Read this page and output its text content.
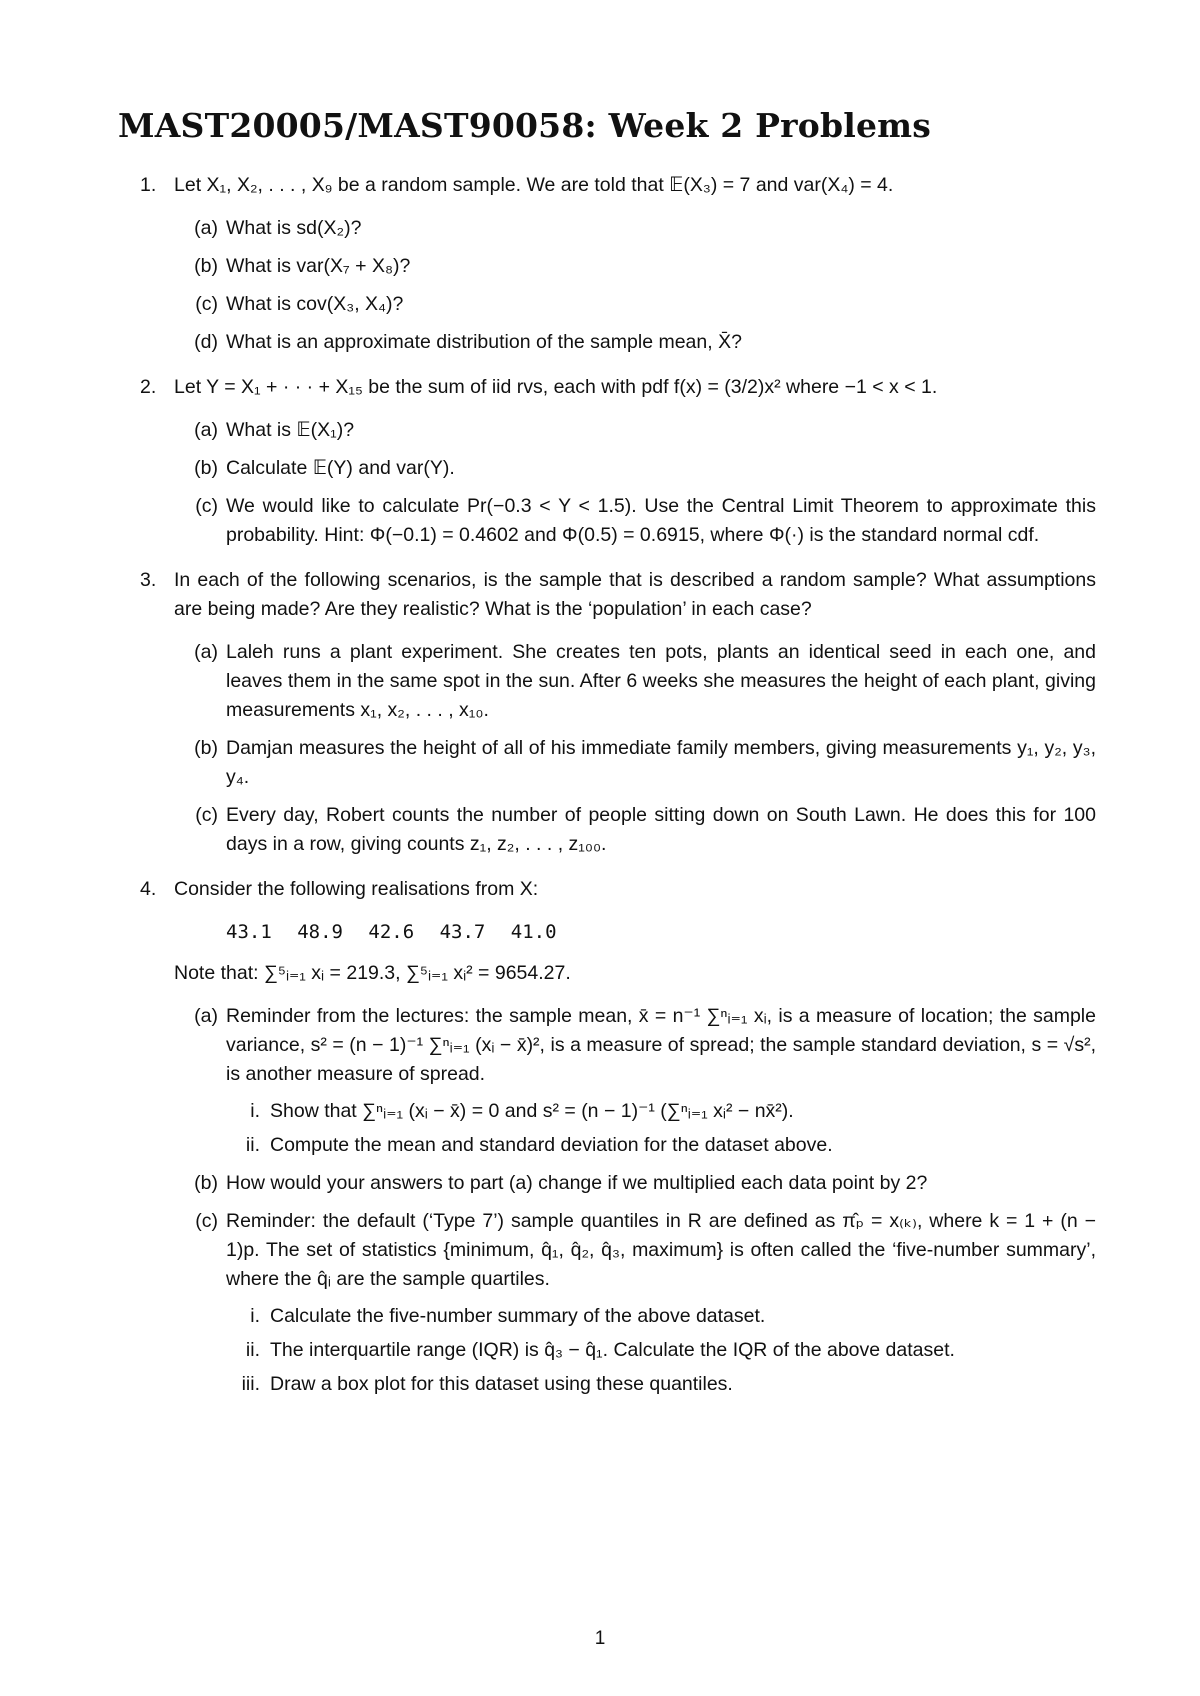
MAST20005/MAST90058: Week 2 Problems
1. Let X₁, X₂, . . . , X₉ be a random sample. We are told that 𝔼(X₃) = 7 and var(X₄) = 4.
(a) What is sd(X₂)?
(b) What is var(X₇ + X₈)?
(c) What is cov(X₃, X₄)?
(d) What is an approximate distribution of the sample mean, X̄?
2. Let Y = X₁ + · · · + X₁₅ be the sum of iid rvs, each with pdf f(x) = (3/2)x² where −1 < x < 1.
(a) What is 𝔼(X₁)?
(b) Calculate 𝔼(Y) and var(Y).
(c) We would like to calculate Pr(−0.3 < Y < 1.5). Use the Central Limit Theorem to approximate this probability. Hint: Φ(−0.1) = 0.4602 and Φ(0.5) = 0.6915, where Φ(·) is the standard normal cdf.
3. In each of the following scenarios, is the sample that is described a random sample? What assumptions are being made? Are they realistic? What is the ‘population’ in each case?
(a) Laleh runs a plant experiment. She creates ten pots, plants an identical seed in each one, and leaves them in the same spot in the sun. After 6 weeks she measures the height of each plant, giving measurements x₁, x₂, . . . , x₁₀.
(b) Damjan measures the height of all of his immediate family members, giving measurements y₁, y₂, y₃, y₄.
(c) Every day, Robert counts the number of people sitting down on South Lawn. He does this for 100 days in a row, giving counts z₁, z₂, . . . , z₁₀₀.
4. Consider the following realisations from X:
43.1 48.9 42.6 43.7 41.0
Note that: ∑⁵ᵢ₌₁ xᵢ = 219.3, ∑⁵ᵢ₌₁ xᵢ² = 9654.27.
(a) Reminder from the lectures: the sample mean, x̄ = n⁻¹ ∑ⁿᵢ₌₁ xᵢ, is a measure of location; the sample variance, s² = (n − 1)⁻¹ ∑ⁿᵢ₌₁ (xᵢ − x̄)², is a measure of spread; the sample standard deviation, s = √s², is another measure of spread.
i. Show that ∑ⁿᵢ₌₁ (xᵢ − x̄) = 0 and s² = (n − 1)⁻¹ (∑ⁿᵢ₌₁ xᵢ² − nx̄²).
ii. Compute the mean and standard deviation for the dataset above.
(b) How would your answers to part (a) change if we multiplied each data point by 2?
(c) Reminder: the default (‘Type 7’) sample quantiles in R are defined as π̂ₚ = x₍ₖ₎, where k = 1 + (n − 1)p. The set of statistics {minimum, q̂₁, q̂₂, q̂₃, maximum} is often called the ‘five-number summary’, where the q̂ᵢ are the sample quartiles.
i. Calculate the five-number summary of the above dataset.
ii. The interquartile range (IQR) is q̂₃ − q̂₁. Calculate the IQR of the above dataset.
iii. Draw a box plot for this dataset using these quantiles.
1
